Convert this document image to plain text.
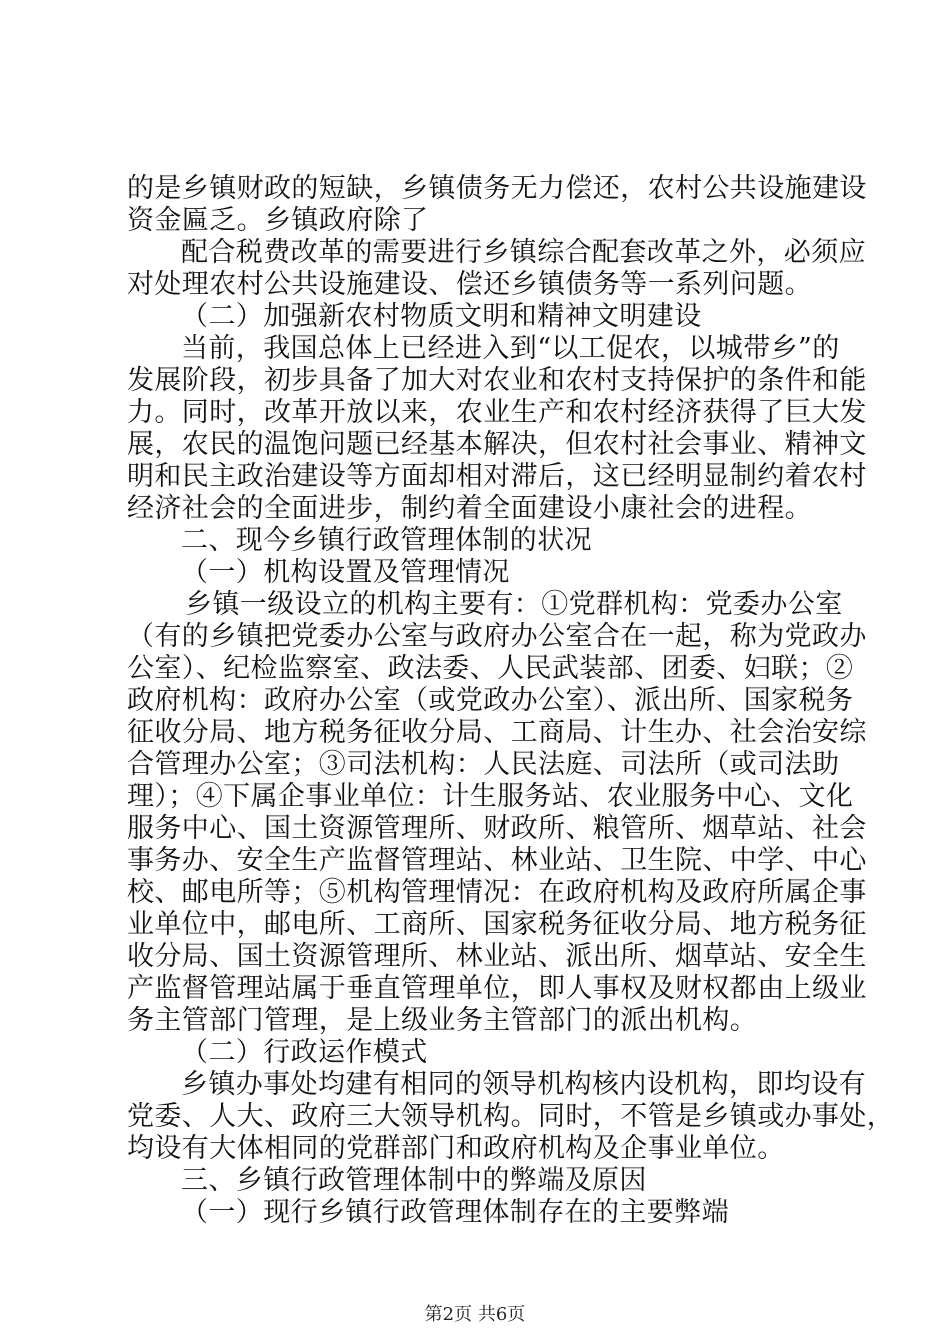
的是乡镇财政的短缺，乡镇债务无力偿还，农村公共设施建设
资金匾乏。乡镇政府除了
配合税费改革的需要进行乡镇综合配套改革之外，必须应
对处理农村公共设施建设、偿还乡镇债务等一系列问题。
（二）加强新农村物质文明和精神文明建设
当前，我国总体上已经进入到“以工促农，以城带乡”的
发展阶段，初步具备了加大对农业和农村支持保护的条件和能
力。同时，改革开放以来，农业生产和农村经济获得了巨大发
展，农民的温饱问题已经基本解决，但农村社会事业、精神文
明和民主政治建设等方面却相对滞后，这已经明显制约着农村
经济社会的全面进步，制约着全面建设小康社会的进程。
二、现今乡镇行政管理体制的状况
（一）机构设置及管理情况
乡镇一级设立的机构主要有：①党群机构：党委办公室
（有的乡镇把党委办公室与政府办公室合在一起，称为党政办
公室）、纪检监察室、政法委、人民武装部、团委、妇联；②
政府机构：政府办公室（或党政办公室）、派出所、国家税务
征收分局、地方税务征收分局、工商局、计生办、社会治安综
合管理办公室；③司法机构：人民法庭、司法所（或司法助
理）；④下属企事业单位：计生服务站、农业服务中心、文化
服务中心、国土资源管理所、财政所、粮管所、烟草站、社会
事务办、安全生产监督管理站、林业站、卫生院、中学、中心
校、邮电所等；⑤机构管理情况：在政府机构及政府所属企事
业单位中，邮电所、工商所、国家税务征收分局、地方税务征
收分局、国土资源管理所、林业站、派出所、烟草站、安全生
产监督管理站属于垂直管理单位，即人事权及财权都由上级业
务主管部门管理，是上级业务主管部门的派出机构。
（二）行政运作模式
乡镇办事处均建有相同的领导机构核内设机构，即均设有
党委、人大、政府三大领导机构。同时，不管是乡镇或办事处，
均设有大体相同的党群部门和政府机构及企事业单位。
三、乡镇行政管理体制中的弊端及原因
（一）现行乡镇行政管理体制存在的主要弊端
第2页 共6页
